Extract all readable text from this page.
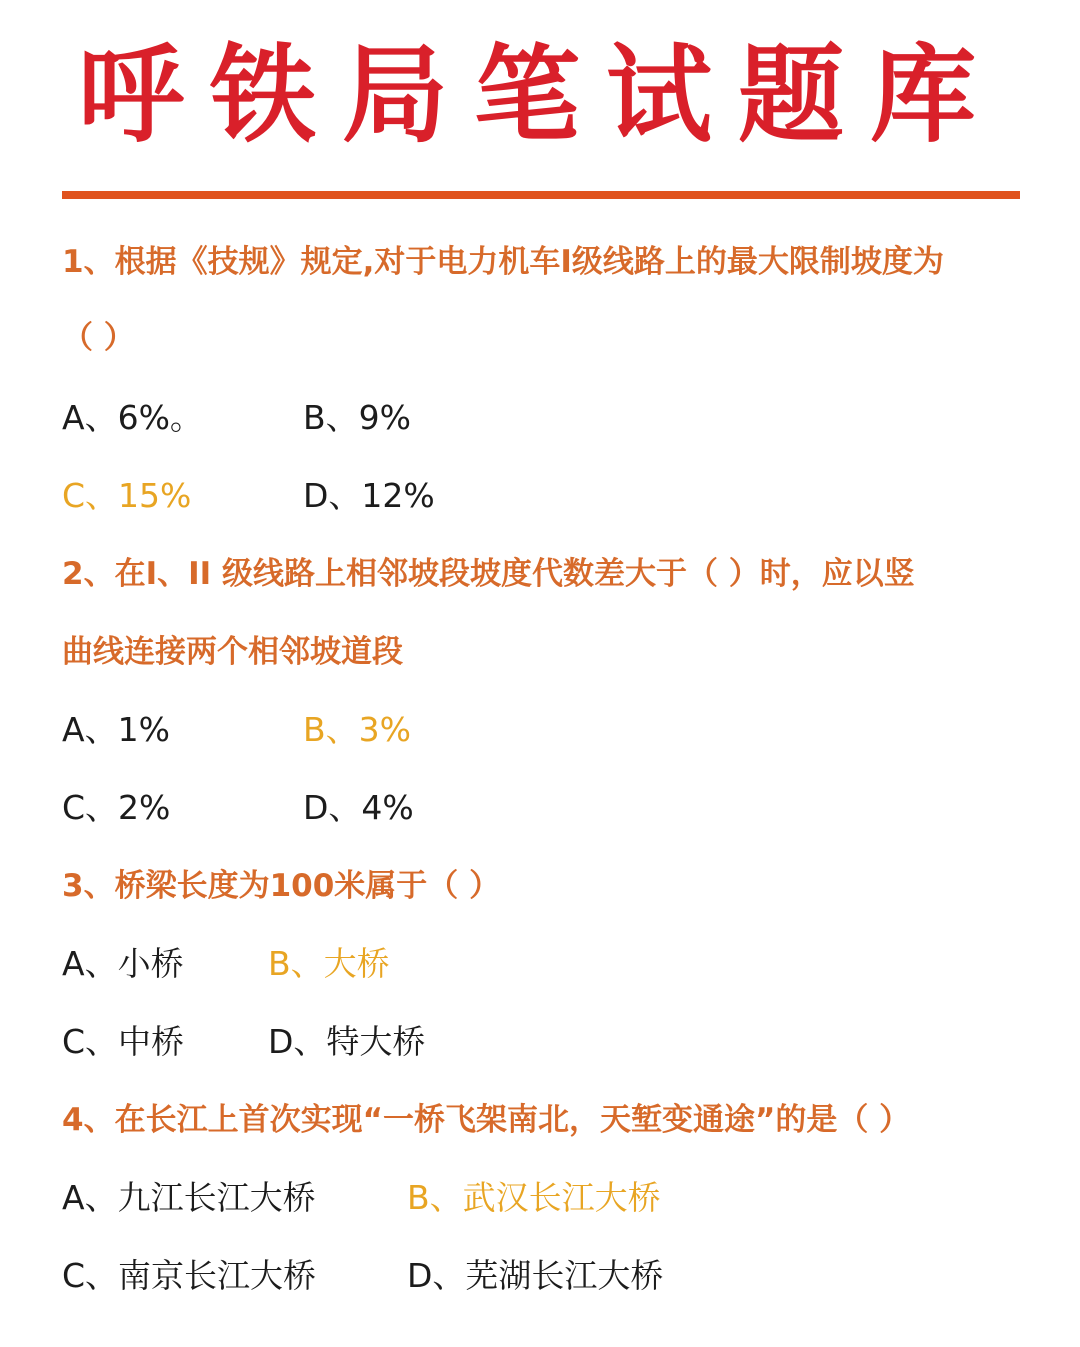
呼铁局笔试题库
1、根据《技规》规定,对于电力机车I级线路上的最大限制坡度为
（ ）
A、6%。	B、9%
C、15%	D、12%
2、在I、II 级线路上相邻坡段坡度代数差大于（ ）时，应以竖
曲线连接两个相邻坡道段
A、1%	B、3%
C、2%	D、4%
3、桥梁长度为100米属于（ ）
A、小桥	B、大桥
C、中桥	D、特大桥
4、在长江上首次实现“一桥飞架南北，天堑变通途”的是（ ）
A、九江长江大桥	B、武汉长江大桥
C、南京长江大桥	D、芜湖长江大桥
